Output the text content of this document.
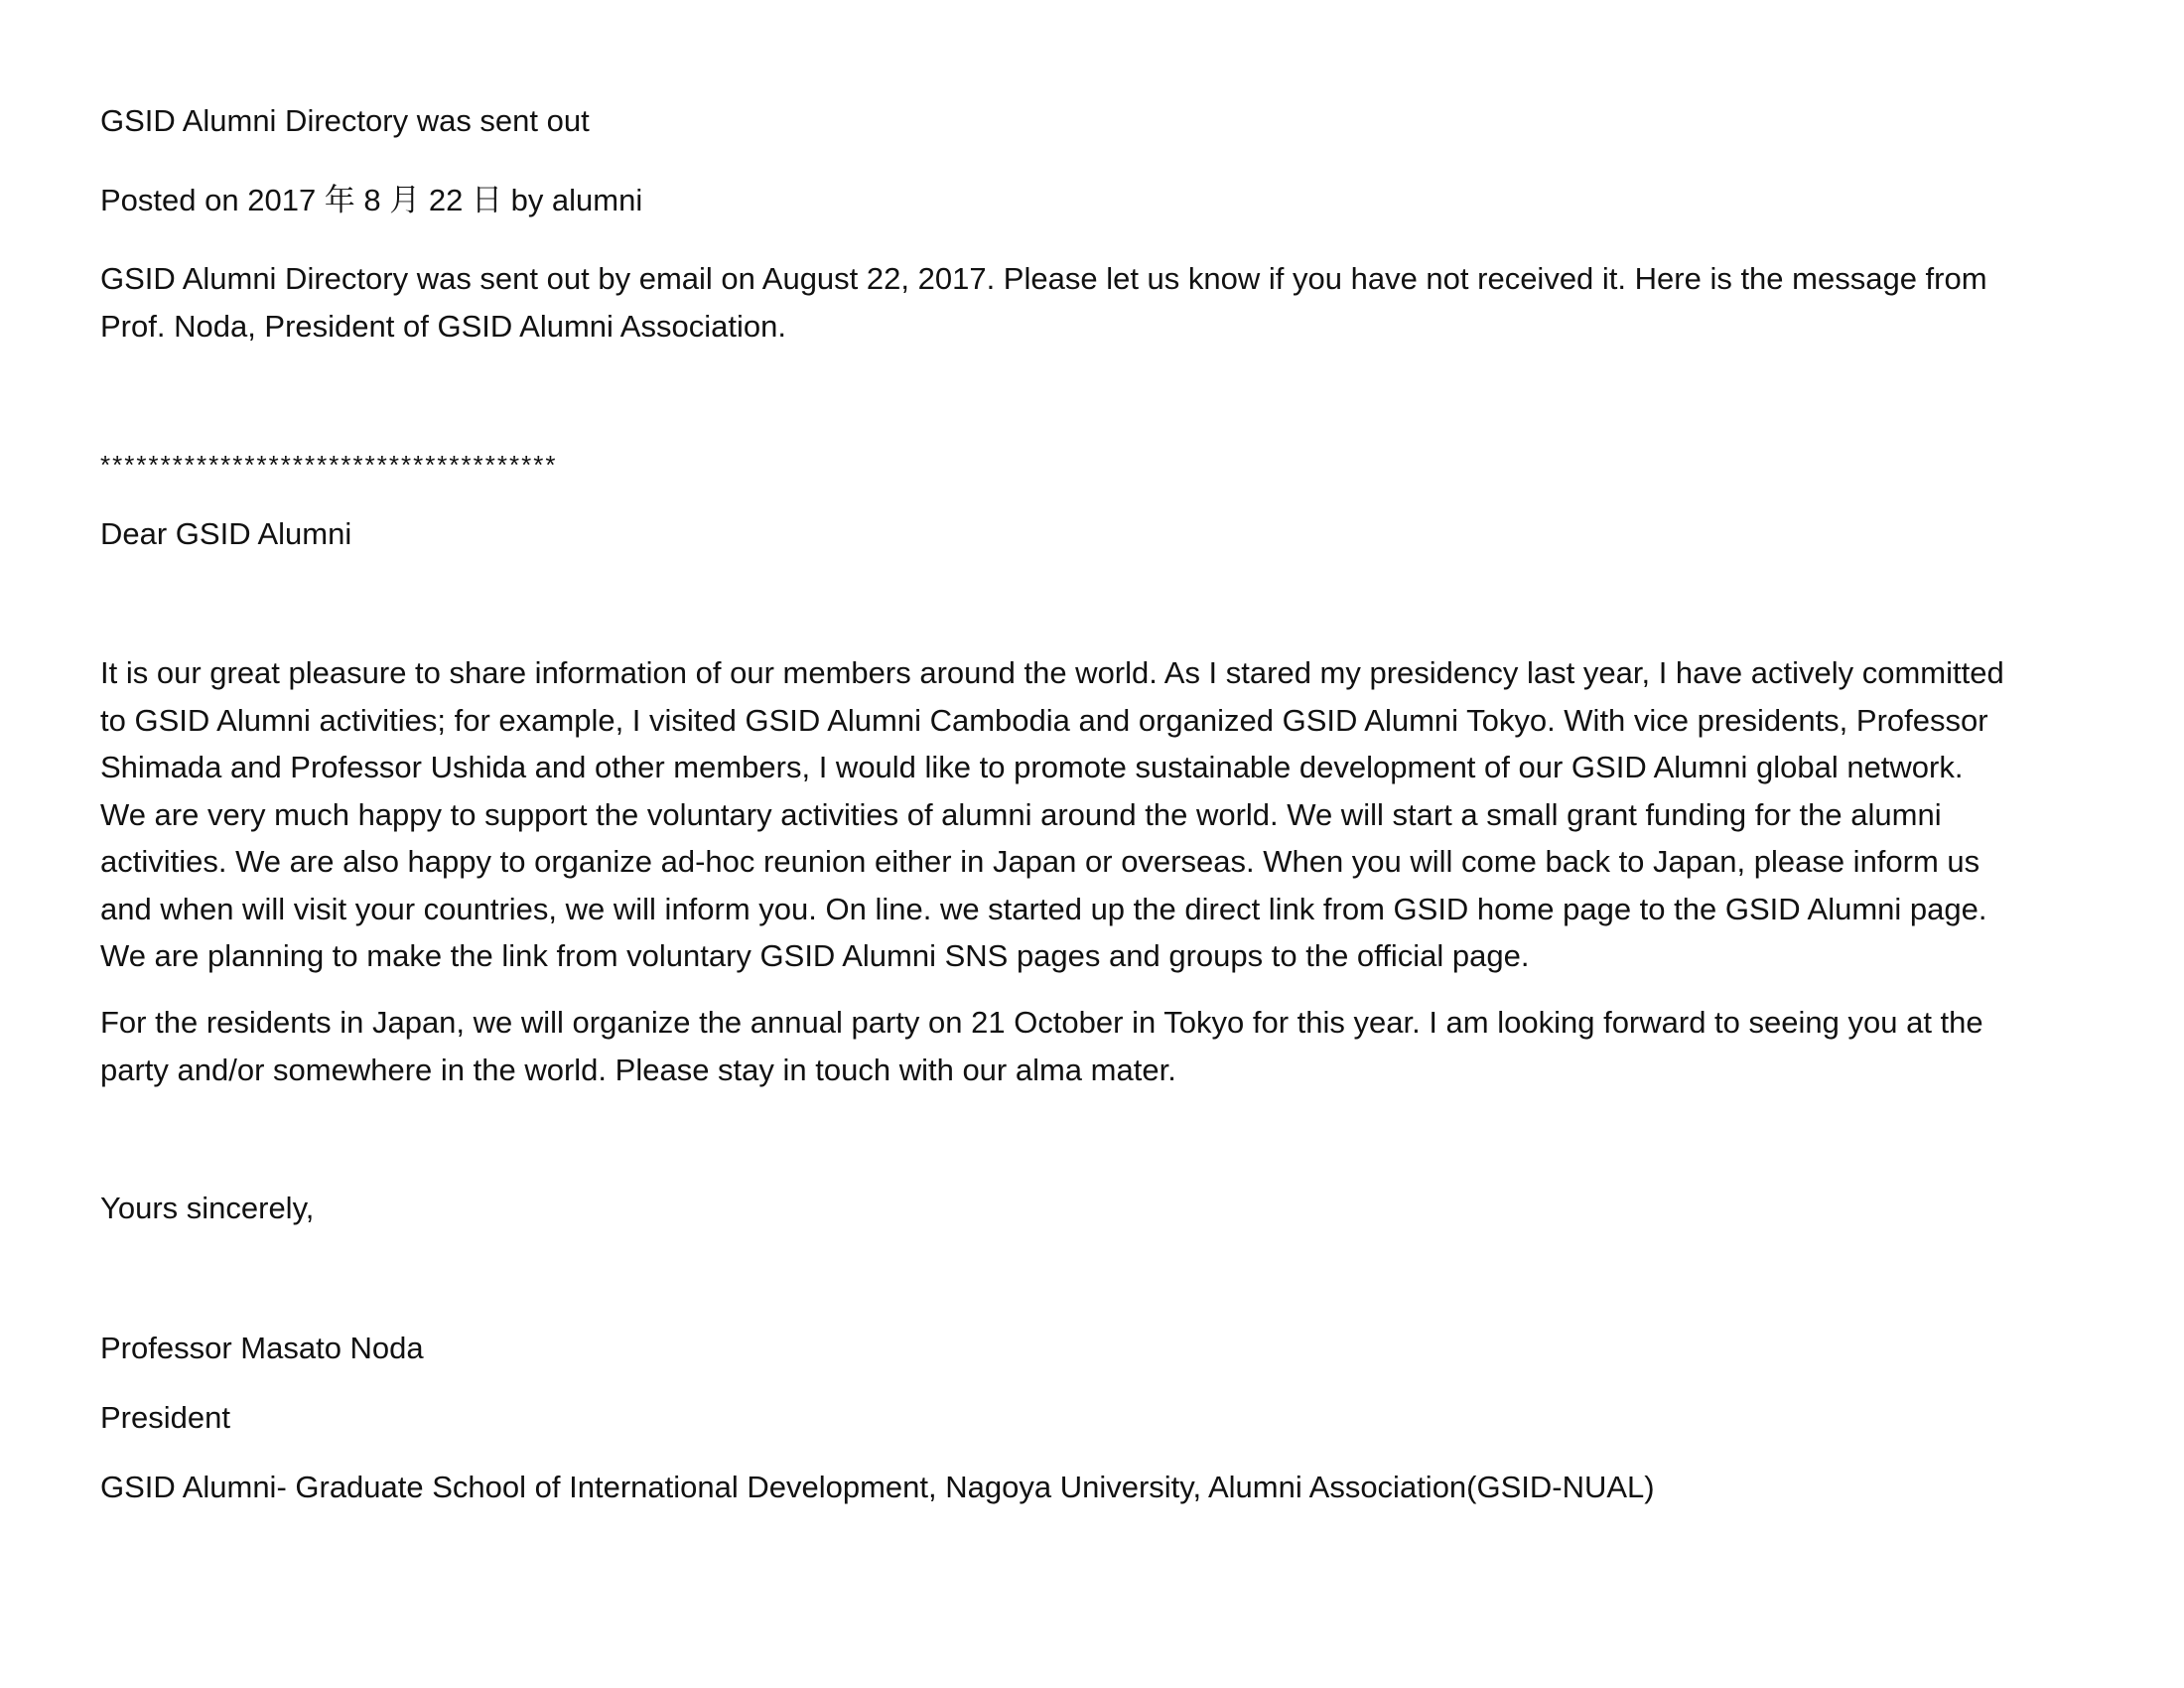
GSID Alumni Directory was sent out

Posted on 2017 年 8 月 22 日 by alumni

GSID Alumni Directory was sent out by email on August 22, 2017. Please let us know if you have not received it. Here is the message from
Prof. Noda, President of GSID Alumni Association.

**************************************

Dear GSID Alumni

It is our great pleasure to share information of our members around the world. As I stared my presidency last year, I have actively committed
to GSID Alumni activities; for example, I visited GSID Alumni Cambodia and organized GSID Alumni Tokyo. With vice presidents, Professor
Shimada and Professor Ushida and other members, I would like to promote sustainable development of our GSID Alumni global network.
We are very much happy to support the voluntary activities of alumni around the world. We will start a small grant funding for the alumni
activities. We are also happy to organize ad-hoc reunion either in Japan or overseas. When you will come back to Japan, please inform us
and when will visit your countries, we will inform you. On line. we started up the direct link from GSID home page to the GSID Alumni page.
We are planning to make the link from voluntary GSID Alumni SNS pages and groups to the official page.
For the residents in Japan, we will organize the annual party on 21 October in Tokyo for this year. I am looking forward to seeing you at the
party and/or somewhere in the world. Please stay in touch with our alma mater.

Yours sincerely,

Professor Masato Noda

President

GSID Alumni- Graduate School of International Development, Nagoya University, Alumni Association(GSID-NUAL)
